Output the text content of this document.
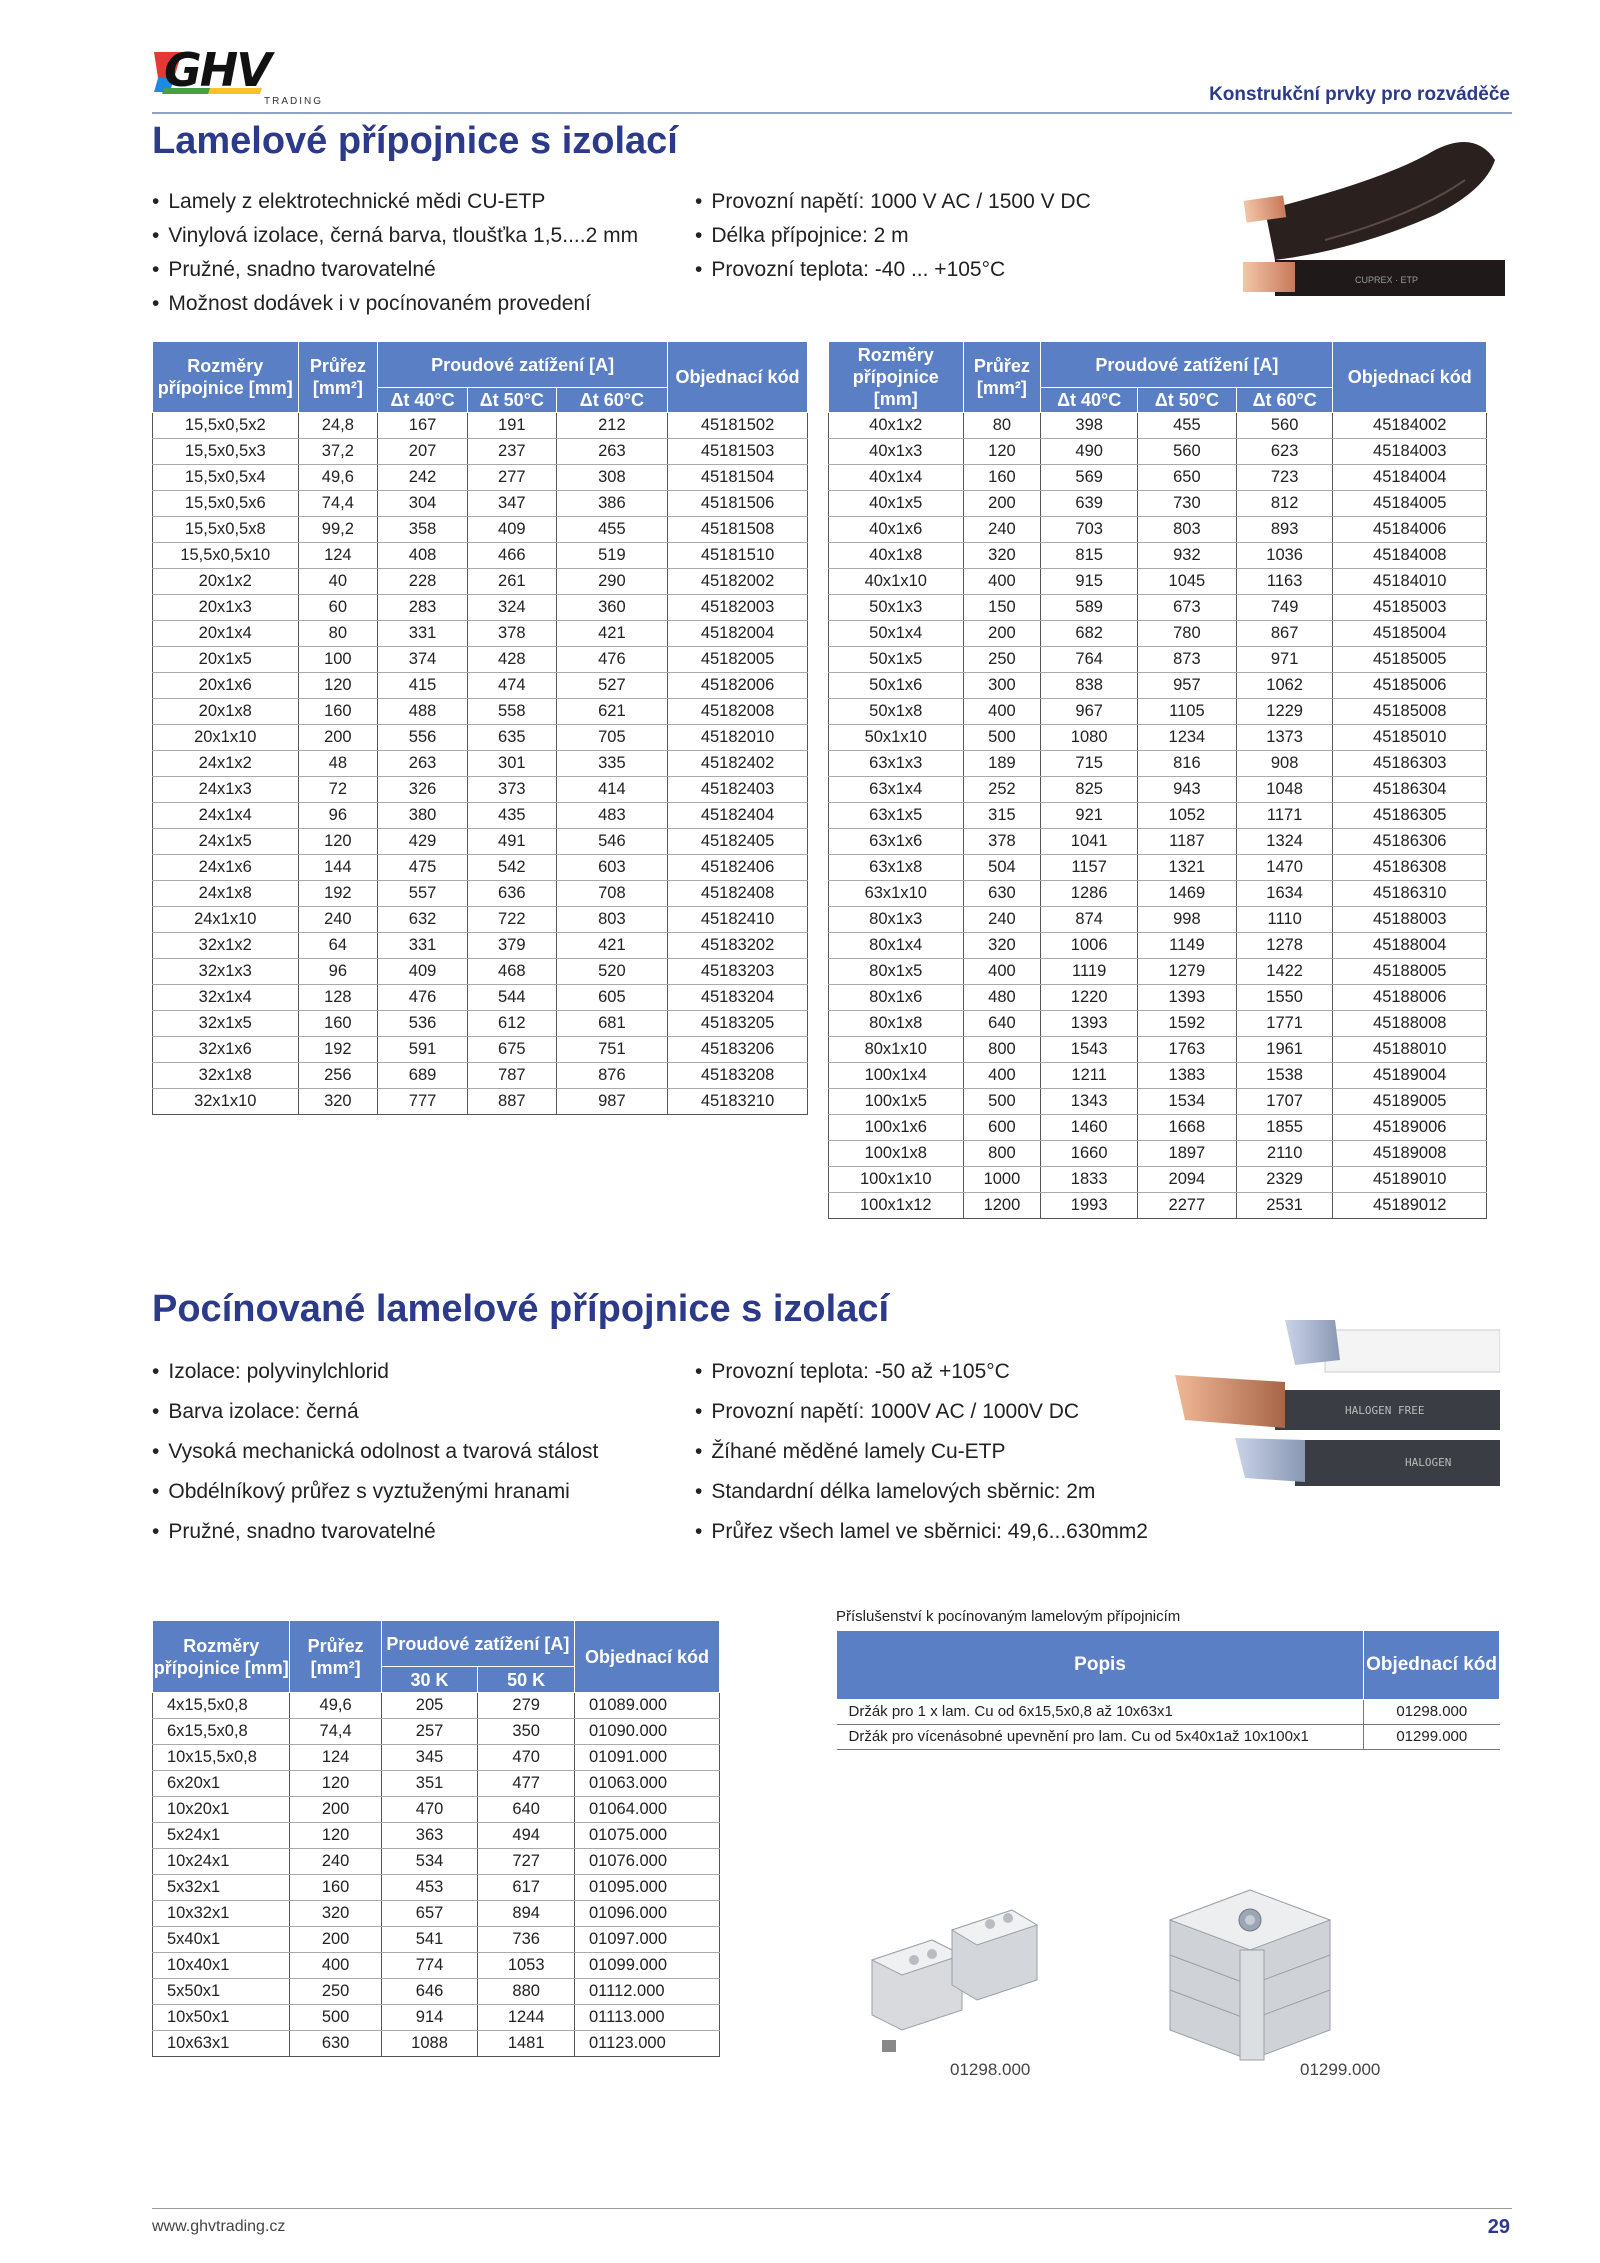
GHV
TRADING	Konstrukční prvky pro rozváděče
Lamelové přípojnice s izolací
• Lamely z elektrotechnické mědi CU-ETP
• Vinylová izolace, černá barva, tloušťka 1,5....2 mm
• Pružné, snadno tvarovatelné
• Možnost dodávek i v pocínovaném provedení
• Provozní napětí: 1000 V AC / 1500 V DC
• Délka přípojnice: 2 m
• Provozní teplota: -40 ... +105°C	CUPREX · ETP
Rozměry přípojnice [mm]	Průřez [mm²]	Proudové zatížení [A]			Objednací kód
		Δt 40°C	Δt 50°C	Δt 60°C	
15,5x0,5x2	24,8	167	191	212	45181502
15,5x0,5x3	37,2	207	237	263	45181503
15,5x0,5x4	49,6	242	277	308	45181504
15,5x0,5x6	74,4	304	347	386	45181506
15,5x0,5x8	99,2	358	409	455	45181508
15,5x0,5x10	124	408	466	519	45181510
20x1x2	40	228	261	290	45182002
20x1x3	60	283	324	360	45182003
20x1x4	80	331	378	421	45182004
20x1x5	100	374	428	476	45182005
20x1x6	120	415	474	527	45182006
20x1x8	160	488	558	621	45182008
20x1x10	200	556	635	705	45182010
24x1x2	48	263	301	335	45182402
24x1x3	72	326	373	414	45182403
24x1x4	96	380	435	483	45182404
24x1x5	120	429	491	546	45182405
24x1x6	144	475	542	603	45182406
24x1x8	192	557	636	708	45182408
24x1x10	240	632	722	803	45182410
32x1x2	64	331	379	421	45183202
32x1x3	96	409	468	520	45183203
32x1x4	128	476	544	605	45183204
32x1x5	160	536	612	681	45183205
32x1x6	192	591	675	751	45183206
32x1x8	256	689	787	876	45183208
32x1x10	320	777	887	987	45183210
Rozměry přípojnice [mm]	Průřez [mm²]	Proudové zatížení [A]			Objednací kód
		Δt 40°C	Δt 50°C	Δt 60°C	
40x1x2	80	398	455	560	45184002
40x1x3	120	490	560	623	45184003
40x1x4	160	569	650	723	45184004
40x1x5	200	639	730	812	45184005
40x1x6	240	703	803	893	45184006
40x1x8	320	815	932	1036	45184008
40x1x10	400	915	1045	1163	45184010
50x1x3	150	589	673	749	45185003
50x1x4	200	682	780	867	45185004
50x1x5	250	764	873	971	45185005
50x1x6	300	838	957	1062	45185006
50x1x8	400	967	1105	1229	45185008
50x1x10	500	1080	1234	1373	45185010
63x1x3	189	715	816	908	45186303
63x1x4	252	825	943	1048	45186304
63x1x5	315	921	1052	1171	45186305
63x1x6	378	1041	1187	1324	45186306
63x1x8	504	1157	1321	1470	45186308
63x1x10	630	1286	1469	1634	45186310
80x1x3	240	874	998	1110	45188003
80x1x4	320	1006	1149	1278	45188004
80x1x5	400	1119	1279	1422	45188005
80x1x6	480	1220	1393	1550	45188006
80x1x8	640	1393	1592	1771	45188008
80x1x10	800	1543	1763	1961	45188010
100x1x4	400	1211	1383	1538	45189004
100x1x5	500	1343	1534	1707	45189005
100x1x6	600	1460	1668	1855	45189006
100x1x8	800	1660	1897	2110	45189008
100x1x10	1000	1833	2094	2329	45189010
100x1x12	1200	1993	2277	2531	45189012
Pocínované lamelové přípojnice s izolací
• Izolace: polyvinylchlorid
• Barva izolace: černá
• Vysoká mechanická odolnost a tvarová stálost
• Obdélníkový průřez s vyztuženými hranami
• Pružné, snadno tvarovatelné
• Provozní teplota: -50 až +105°C
• Provozní napětí: 1000V AC / 1000V DC
• Žíhané měděné lamely Cu-ETP
• Standardní délka lamelových sběrnic: 2m
• Průřez všech lamel ve sběrnici: 49,6...630mm2
HALOGEN FREE
HALOGEN
Rozměry přípojnice [mm]	Průřez [mm²]	Proudové zatížení [A]		Objednací kód
		30 K	50 K	
4x15,5x0,8	49,6	205	279	01089.000
6x15,5x0,8	74,4	257	350	01090.000
10x15,5x0,8	124	345	470	01091.000
6x20x1	120	351	477	01063.000
10x20x1	200	470	640	01064.000
5x24x1	120	363	494	01075.000
10x24x1	240	534	727	01076.000
5x32x1	160	453	617	01095.000
10x32x1	320	657	894	01096.000
5x40x1	200	541	736	01097.000
10x40x1	400	774	1053	01099.000
5x50x1	250	646	880	01112.000
10x50x1	500	914	1244	01113.000
10x63x1	630	1088	1481	01123.000
Příslušenství k pocínovaným lamelovým přípojnicím
Popis	Objednací kód
Držák pro 1 x lam. Cu od 6x15,5x0,8 až 10x63x1	01298.000
Držák pro vícenásobné upevnění pro lam. Cu od 5x40x1až 10x100x1	01299.000
01298.000	01299.000
www.ghvtrading.cz	29
